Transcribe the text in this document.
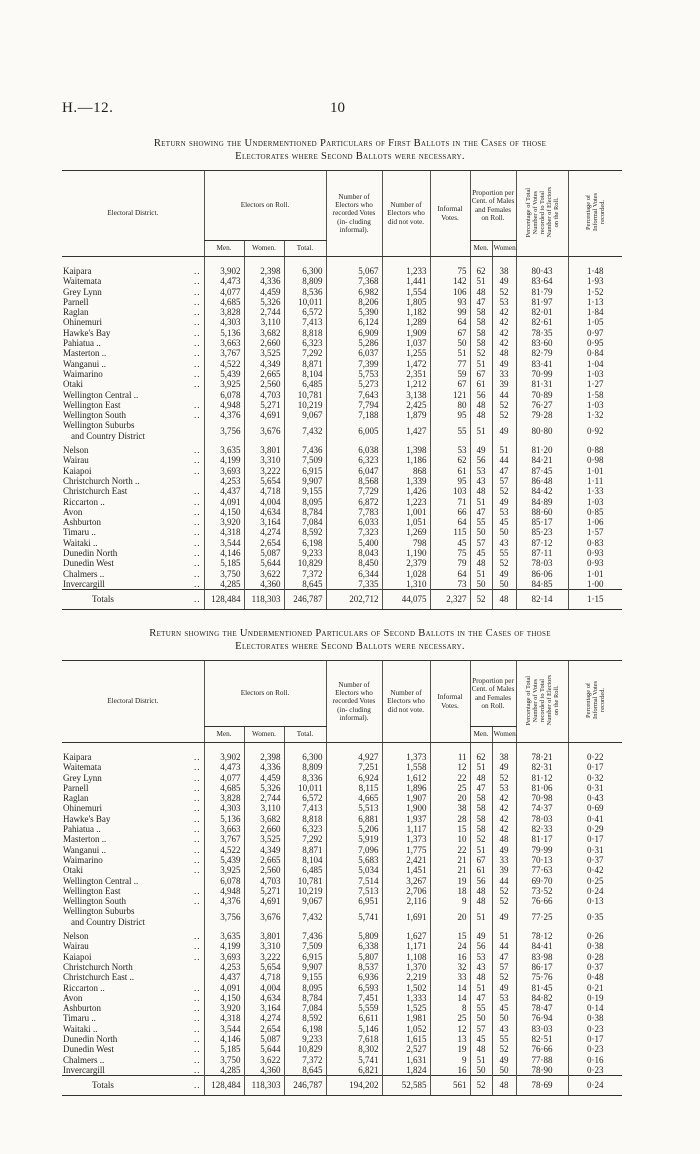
H.—12.	10
Return showing the Undermentioned Particulars of First Ballots in the Cases of those
Electorates where Second Ballots were necessary.
Electoral District.	Electors on Roll.			Number of Electors who recorded Votes (in- cluding informal).	Number of Electors who did not vote.	Informal Votes.	Proportion per Cent. of Males and Females on Roll.		Percentage of Total
Number of Votes
recorded to Total
Number of Electors
on the Roll.	Percentage of
Informal Votes
recorded.
	Men.	Women.	Total.				Men.	Women.		
Kaipara ..	3,902	2,398	6,300	5,067	1,233	75	62	38	80·43	1·48
Waitemata ..	4,473	4,336	8,809	7,368	1,441	142	51	49	83·64	1·93
Grey Lynn ..	4,077	4,459	8,536	6,982	1,554	106	48	52	81·79	1·52
Parnell ..	4,685	5,326	10,011	8,206	1,805	93	47	53	81·97	1·13
Raglan ..	3,828	2,744	6,572	5,390	1,182	99	58	42	82·01	1·84
Ohinemuri ..	4,303	3,110	7,413	6,124	1,289	64	58	42	82·61	1·05
Hawke's Bay ..	5,136	3,682	8,818	6,909	1,909	67	58	42	78·35	0·97
Pahiatua .. ..	3,663	2,660	6,323	5,286	1,037	50	58	42	83·60	0·95
Masterton .. ..	3,767	3,525	7,292	6,037	1,255	51	52	48	82·79	0·84
Wanganui .. ..	4,522	4,349	8,871	7,399	1,472	77	51	49	83·41	1·04
Waimarino ..	5,439	2,665	8,104	5,753	2,351	59	67	33	70·99	1·03
Otaki ..	3,925	2,560	6,485	5,273	1,212	67	61	39	81·31	1·27
Wellington Central ..	6,078	4,703	10,781	7,643	3,138	121	56	44	70·89	1·58
Wellington East ..	4,948	5,271	10,219	7,794	2,425	80	48	52	76·27	1·03
Wellington South ..	4,376	4,691	9,067	7,188	1,879	95	48	52	79·28	1·32
Wellington Suburbs
and Country District	3,756	3,676	7,432	6,005	1,427	55	51	49	80·80	0·92
Nelson ..	3,635	3,801	7,436	6,038	1,398	53	49	51	81·20	0·88
Wairau ..	4,199	3,310	7,509	6,323	1,186	62	56	44	84·21	0·98
Kaiapoi ..	3,693	3,222	6,915	6,047	868	61	53	47	87·45	1·01
Christchurch North ..	4,253	5,654	9,907	8,568	1,339	95	43	57	86·48	1·11
Christchurch East ..	4,437	4,718	9,155	7,729	1,426	103	48	52	84·42	1·33
Riccarton .. ..	4,091	4,004	8,095	6,872	1,223	71	51	49	84·89	1·03
Avon ..	4,150	4,634	8,784	7,783	1,001	66	47	53	88·60	0·85
Ashburton ..	3,920	3,164	7,084	6,033	1,051	64	55	45	85·17	1·06
Timaru .. ..	4,318	4,274	8,592	7,323	1,269	115	50	50	85·23	1·57
Waitaki .. ..	3,544	2,654	6,198	5,400	798	45	57	43	87·12	0·83
Dunedin North ..	4,146	5,087	9,233	8,043	1,190	75	45	55	87·11	0·93
Dunedin West ..	5,185	5,644	10,829	8,450	2,379	79	48	52	78·03	0·93
Chalmers .. ..	3,750	3,622	7,372	6,344	1,028	64	51	49	86·06	1·01
Invercargill ..	4,285	4,360	8,645	7,335	1,310	73	50	50	84·85	1·00
Totals ..	128,484	118,303	246,787	202,712	44,075	2,327	52	48	82·14	1·15
Return showing the Undermentioned Particulars of Second Ballots in the Cases of those
Electorates where Second Ballots were necessary.
Electoral District.	Electors on Roll.			Number of Electors who recorded Votes (in- cluding informal).	Number of Electors who did not vote.	Informal Votes.	Proportion per Cent. of Males and Females on Roll.		Percentage of Total
Number of Votes
recorded to Total
Number of Electors
on the Roll.	Percentage of
Informal Votes
recorded.
	Men.	Women.	Total.				Men.	Women.		
Kaipara ..	3,902	2,398	6,300	4,927	1,373	11	62	38	78·21	0·22
Waitemata ..	4,473	4,336	8,809	7,251	1,558	12	51	49	82·31	0·17
Grey Lynn ..	4,077	4,459	8,336	6,924	1,612	22	48	52	81·12	0·32
Parnell ..	4,685	5,326	10,011	8,115	1,896	25	47	53	81·06	0·31
Raglan ..	3,828	2,744	6,572	4,665	1,907	20	58	42	70·98	0·43
Ohinemuri ..	4,303	3,110	7,413	5,513	1,900	38	58	42	74·37	0·69
Hawke's Bay ..	5,136	3,682	8,818	6,881	1,937	28	58	42	78·03	0·41
Pahiatua .. ..	3,663	2,660	6,323	5,206	1,117	15	58	42	82·33	0·29
Masterton .. ..	3,767	3,525	7,292	5,919	1,373	10	52	48	81·17	0·17
Wanganui .. ..	4,522	4,349	8,871	7,096	1,775	22	51	49	79·99	0·31
Waimarino ..	5,439	2,665	8,104	5,683	2,421	21	67	33	70·13	0·37
Otaki ..	3,925	2,560	6,485	5,034	1,451	21	61	39	77·63	0·42
Wellington Central ..	6,078	4,703	10,781	7,514	3,267	19	56	44	69·70	0·25
Wellington East ..	4,948	5,271	10,219	7,513	2,706	18	48	52	73·52	0·24
Wellington South ..	4,376	4,691	9,067	6,951	2,116	9	48	52	76·66	0·13
Wellington Suburbs
and Country District	3,756	3,676	7,432	5,741	1,691	20	51	49	77·25	0·35
Nelson ..	3,635	3,801	7,436	5,809	1,627	15	49	51	78·12	0·26
Wairau ..	4,199	3,310	7,509	6,338	1,171	24	56	44	84·41	0·38
Kaiapoi ..	3,693	3,222	6,915	5,807	1,108	16	53	47	83·98	0·28
Christchurch North	4,253	5,654	9,907	8,537	1,370	32	43	57	86·17	0·37
Christchurch East ..	4,437	4,718	9,155	6,936	2,219	33	48	52	75·76	0·48
Riccarton .. ..	4,091	4,004	8,095	6,593	1,502	14	51	49	81·45	0·21
Avon ..	4,150	4,634	8,784	7,451	1,333	14	47	53	84·82	0·19
Ashburton ..	3,920	3,164	7,084	5,559	1,525	8	55	45	78·47	0·14
Timaru .. ..	4,318	4,274	8,592	6,611	1,981	25	50	50	76·94	0·38
Waitaki .. ..	3,544	2,654	6,198	5,146	1,052	12	57	43	83·03	0·23
Dunedin North ..	4,146	5,087	9,233	7,618	1,615	13	45	55	82·51	0·17
Dunedin West ..	5,185	5,644	10,829	8,302	2,527	19	48	52	76·66	0·23
Chalmers .. ..	3,750	3,622	7,372	5,741	1,631	9	51	49	77·88	0·16
Invercargill ..	4,285	4,360	8,645	6,821	1,824	16	50	50	78·90	0·23
Totals ..	128,484	118,303	246,787	194,202	52,585	561	52	48	78·69	0·24
